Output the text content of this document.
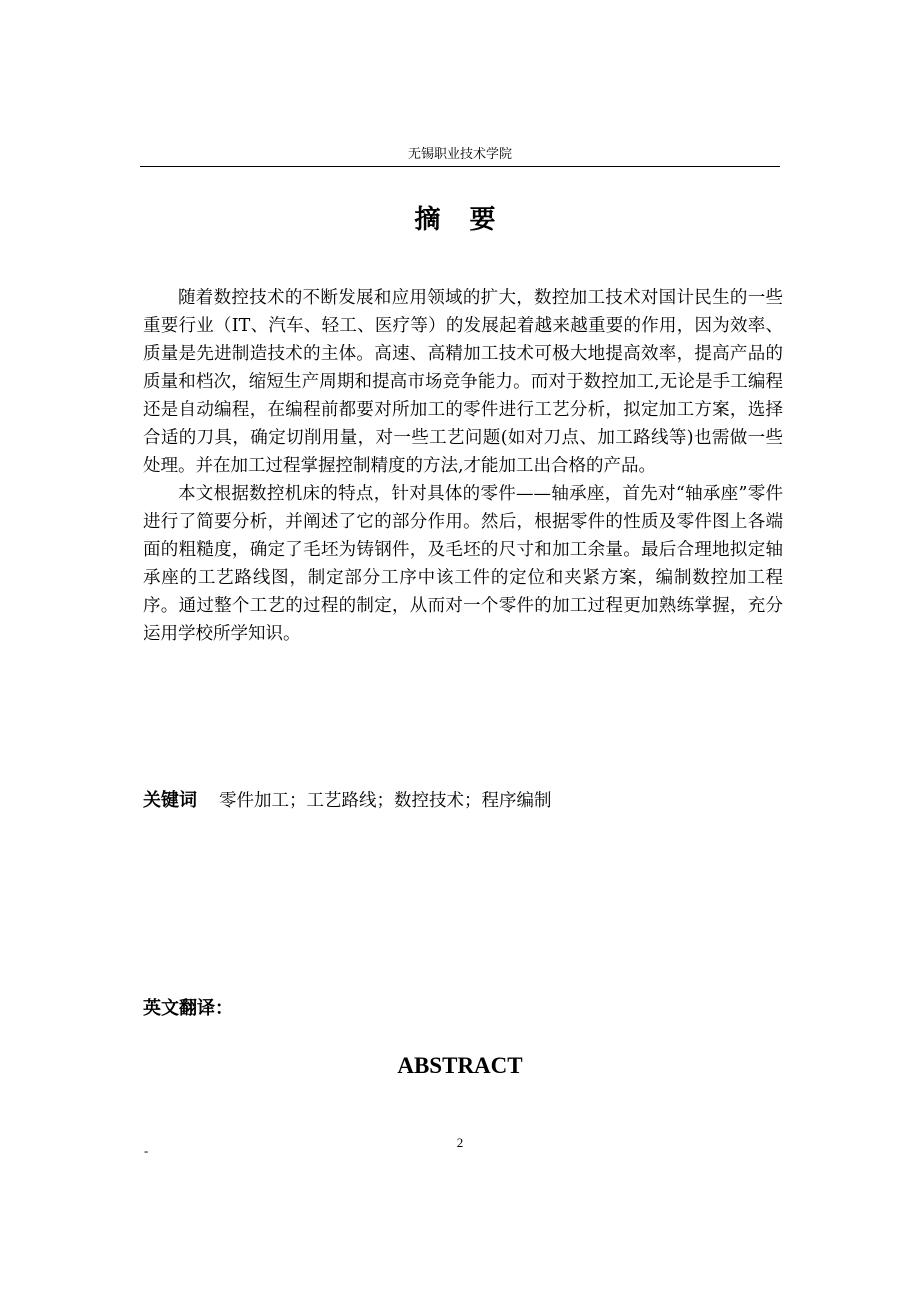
无锡职业技术学院
摘 要

随着数控技术的不断发展和应用领域的扩大，数控加工技术对国计民生的一些重要行业（IT、汽车、轻工、医疗等）的发展起着越来越重要的作用，因为效率、质量是先进制造技术的主体。高速、高精加工技术可极大地提高效率，提高产品的质量和档次，缩短生产周期和提高市场竞争能力。而对于数控加工,无论是手工编程还是自动编程，在编程前都要对所加工的零件进行工艺分析，拟定加工方案，选择合适的刀具，确定切削用量，对一些工艺问题(如对刀点、加工路线等)也需做一些处理。并在加工过程掌握控制精度的方法,才能加工出合格的产品。

本文根据数控机床的特点，针对具体的零件——轴承座，首先对“轴承座”零件进行了简要分析，并阐述了它的部分作用。然后，根据零件的性质及零件图上各端面的粗糙度，确定了毛坯为铸钢件，及毛坯的尺寸和加工余量。最后合理地拟定轴承座的工艺路线图，制定部分工序中该工件的定位和夹紧方案，编制数控加工程序。通过整个工艺的过程的制定，从而对一个零件的加工过程更加熟练掌握，充分运用学校所学知识。

关键词 零件加工；工艺路线；数控技术；程序编制
英文翻译：
ABSTRACT
-
2
